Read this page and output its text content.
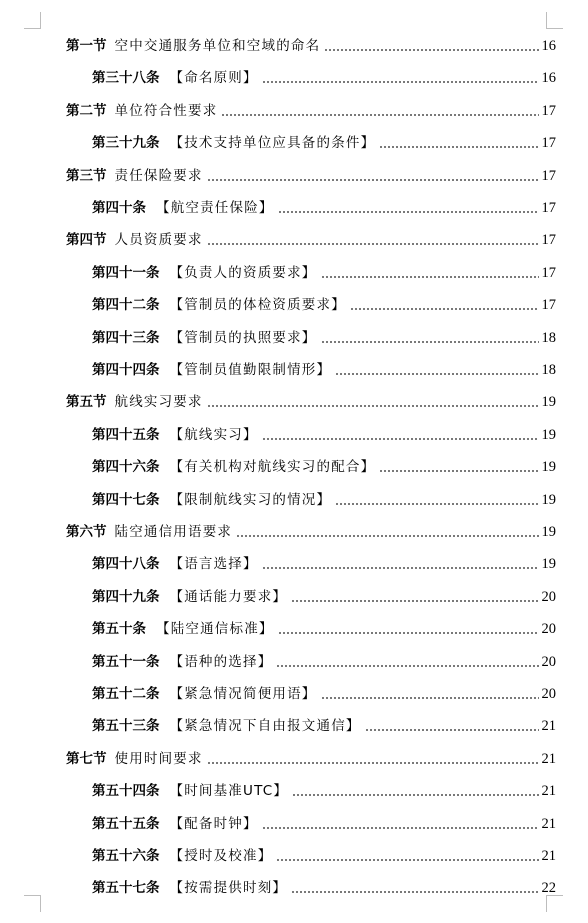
第一节 空中交通服务单位和空域的命名	16
第三十八条 【命名原则】	16
第二节 单位符合性要求	17
第三十九条 【技术支持单位应具备的条件】	17
第三节 责任保险要求	17
第四十条 【航空责任保险】	17
第四节 人员资质要求	17
第四十一条 【负责人的资质要求】	17
第四十二条 【管制员的体检资质要求】	17
第四十三条 【管制员的执照要求】	18
第四十四条 【管制员值勤限制情形】	18
第五节 航线实习要求	19
第四十五条 【航线实习】	19
第四十六条 【有关机构对航线实习的配合】	19
第四十七条 【限制航线实习的情况】	19
第六节 陆空通信用语要求	19
第四十八条 【语言选择】	19
第四十九条 【通话能力要求】	20
第五十条 【陆空通信标准】	20
第五十一条 【语种的选择】	20
第五十二条 【紧急情况简便用语】	20
第五十三条 【紧急情况下自由报文通信】	21
第七节 使用时间要求	21
第五十四条 【时间基准UTC】	21
第五十五条 【配备时钟】	21
第五十六条 【授时及校准】	21
第五十七条 【按需提供时刻】	22
